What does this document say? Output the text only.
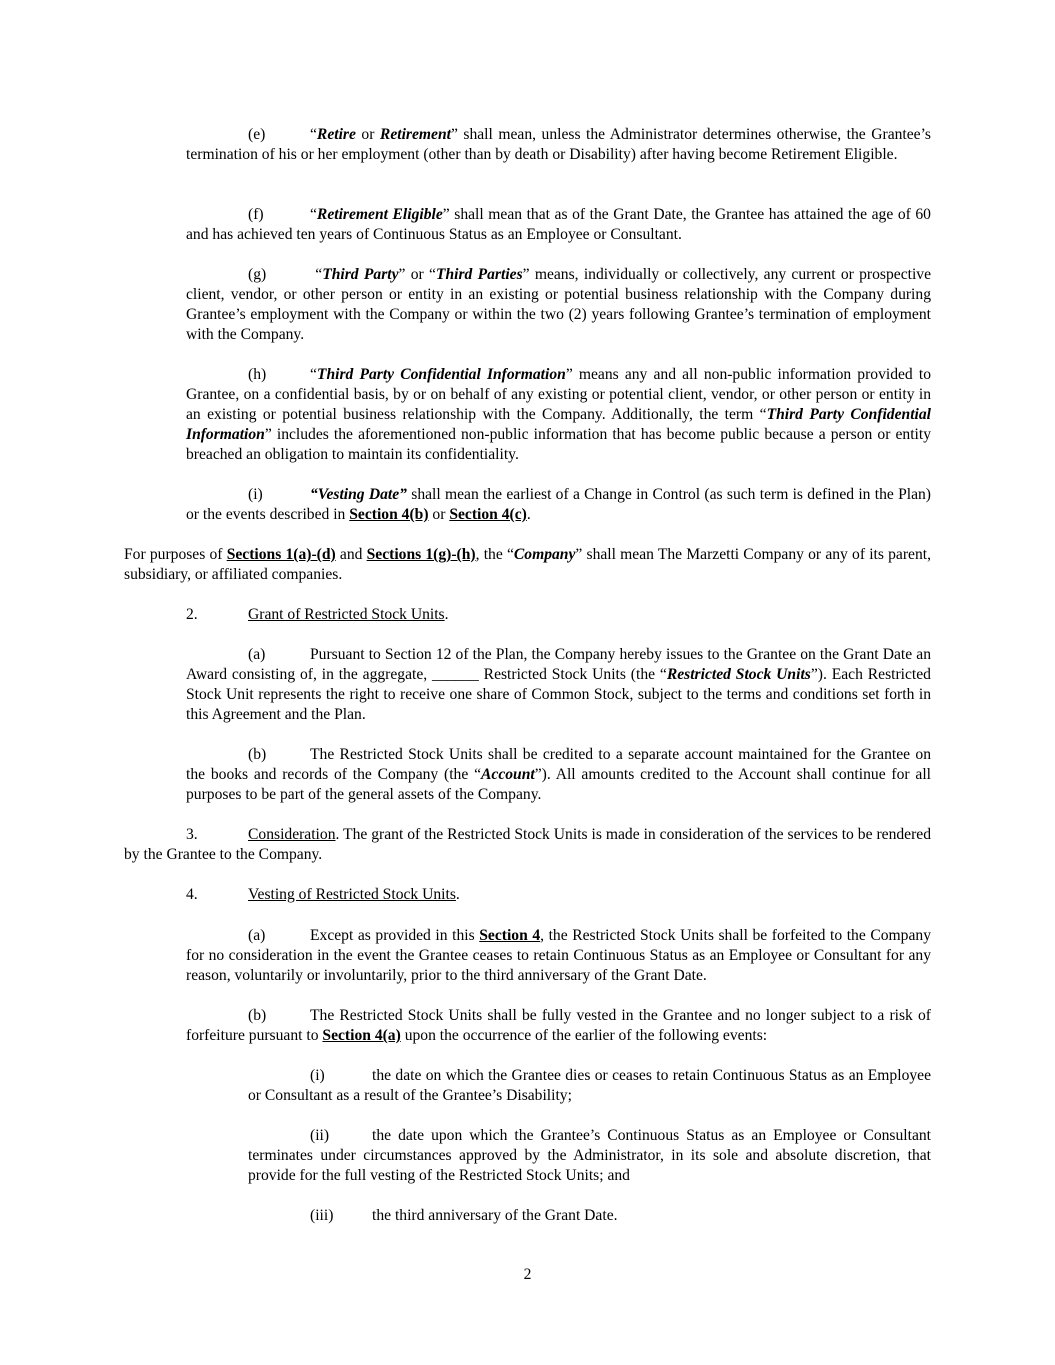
(e)	“Retire or Retirement” shall mean, unless the Administrator determines otherwise, the Grantee’s termination of his or her employment (other than by death or Disability) after having become Retirement Eligible.

(f)	“Retirement Eligible” shall mean that as of the Grant Date, the Grantee has attained the age of 60 and has achieved ten years of Continuous Status as an Employee or Consultant.

(g)	“Third Party” or “Third Parties” means, individually or collectively, any current or prospective client, vendor, or other person or entity in an existing or potential business relationship with the Company during Grantee’s employment with the Company or within the two (2) years following Grantee’s termination of employment with the Company.

(h)	“Third Party Confidential Information” means any and all non-public information provided to Grantee, on a confidential basis, by or on behalf of any existing or potential client, vendor, or other person or entity in an existing or potential business relationship with the Company. Additionally, the term “Third Party Confidential Information” includes the aforementioned non-public information that has become public because a person or entity breached an obligation to maintain its confidentiality.

(i)	“Vesting Date” shall mean the earliest of a Change in Control (as such term is defined in the Plan) or the events described in Section 4(b) or Section 4(c).

For purposes of Sections 1(a)-(d) and Sections 1(g)-(h), the “Company” shall mean The Marzetti Company or any of its parent, subsidiary, or affiliated companies.

2.	Grant of Restricted Stock Units.

(a)	Pursuant to Section 12 of the Plan, the Company hereby issues to the Grantee on the Grant Date an Award consisting of, in the aggregate, ______ Restricted Stock Units (the “Restricted Stock Units”). Each Restricted Stock Unit represents the right to receive one share of Common Stock, subject to the terms and conditions set forth in this Agreement and the Plan.

(b)	The Restricted Stock Units shall be credited to a separate account maintained for the Grantee on the books and records of the Company (the “Account”). All amounts credited to the Account shall continue for all purposes to be part of the general assets of the Company.

3.	Consideration. The grant of the Restricted Stock Units is made in consideration of the services to be rendered by the Grantee to the Company.

4.	Vesting of Restricted Stock Units.

(a)	Except as provided in this Section 4, the Restricted Stock Units shall be forfeited to the Company for no consideration in the event the Grantee ceases to retain Continuous Status as an Employee or Consultant for any reason, voluntarily or involuntarily, prior to the third anniversary of the Grant Date.

(b)	The Restricted Stock Units shall be fully vested in the Grantee and no longer subject to a risk of forfeiture pursuant to Section 4(a) upon the occurrence of the earlier of the following events:

(i)	the date on which the Grantee dies or ceases to retain Continuous Status as an Employee or Consultant as a result of the Grantee’s Disability;

(ii)	the date upon which the Grantee’s Continuous Status as an Employee or Consultant terminates under circumstances approved by the Administrator, in its sole and absolute discretion, that provide for the full vesting of the Restricted Stock Units; and

(iii) the third anniversary of the Grant Date.

2
